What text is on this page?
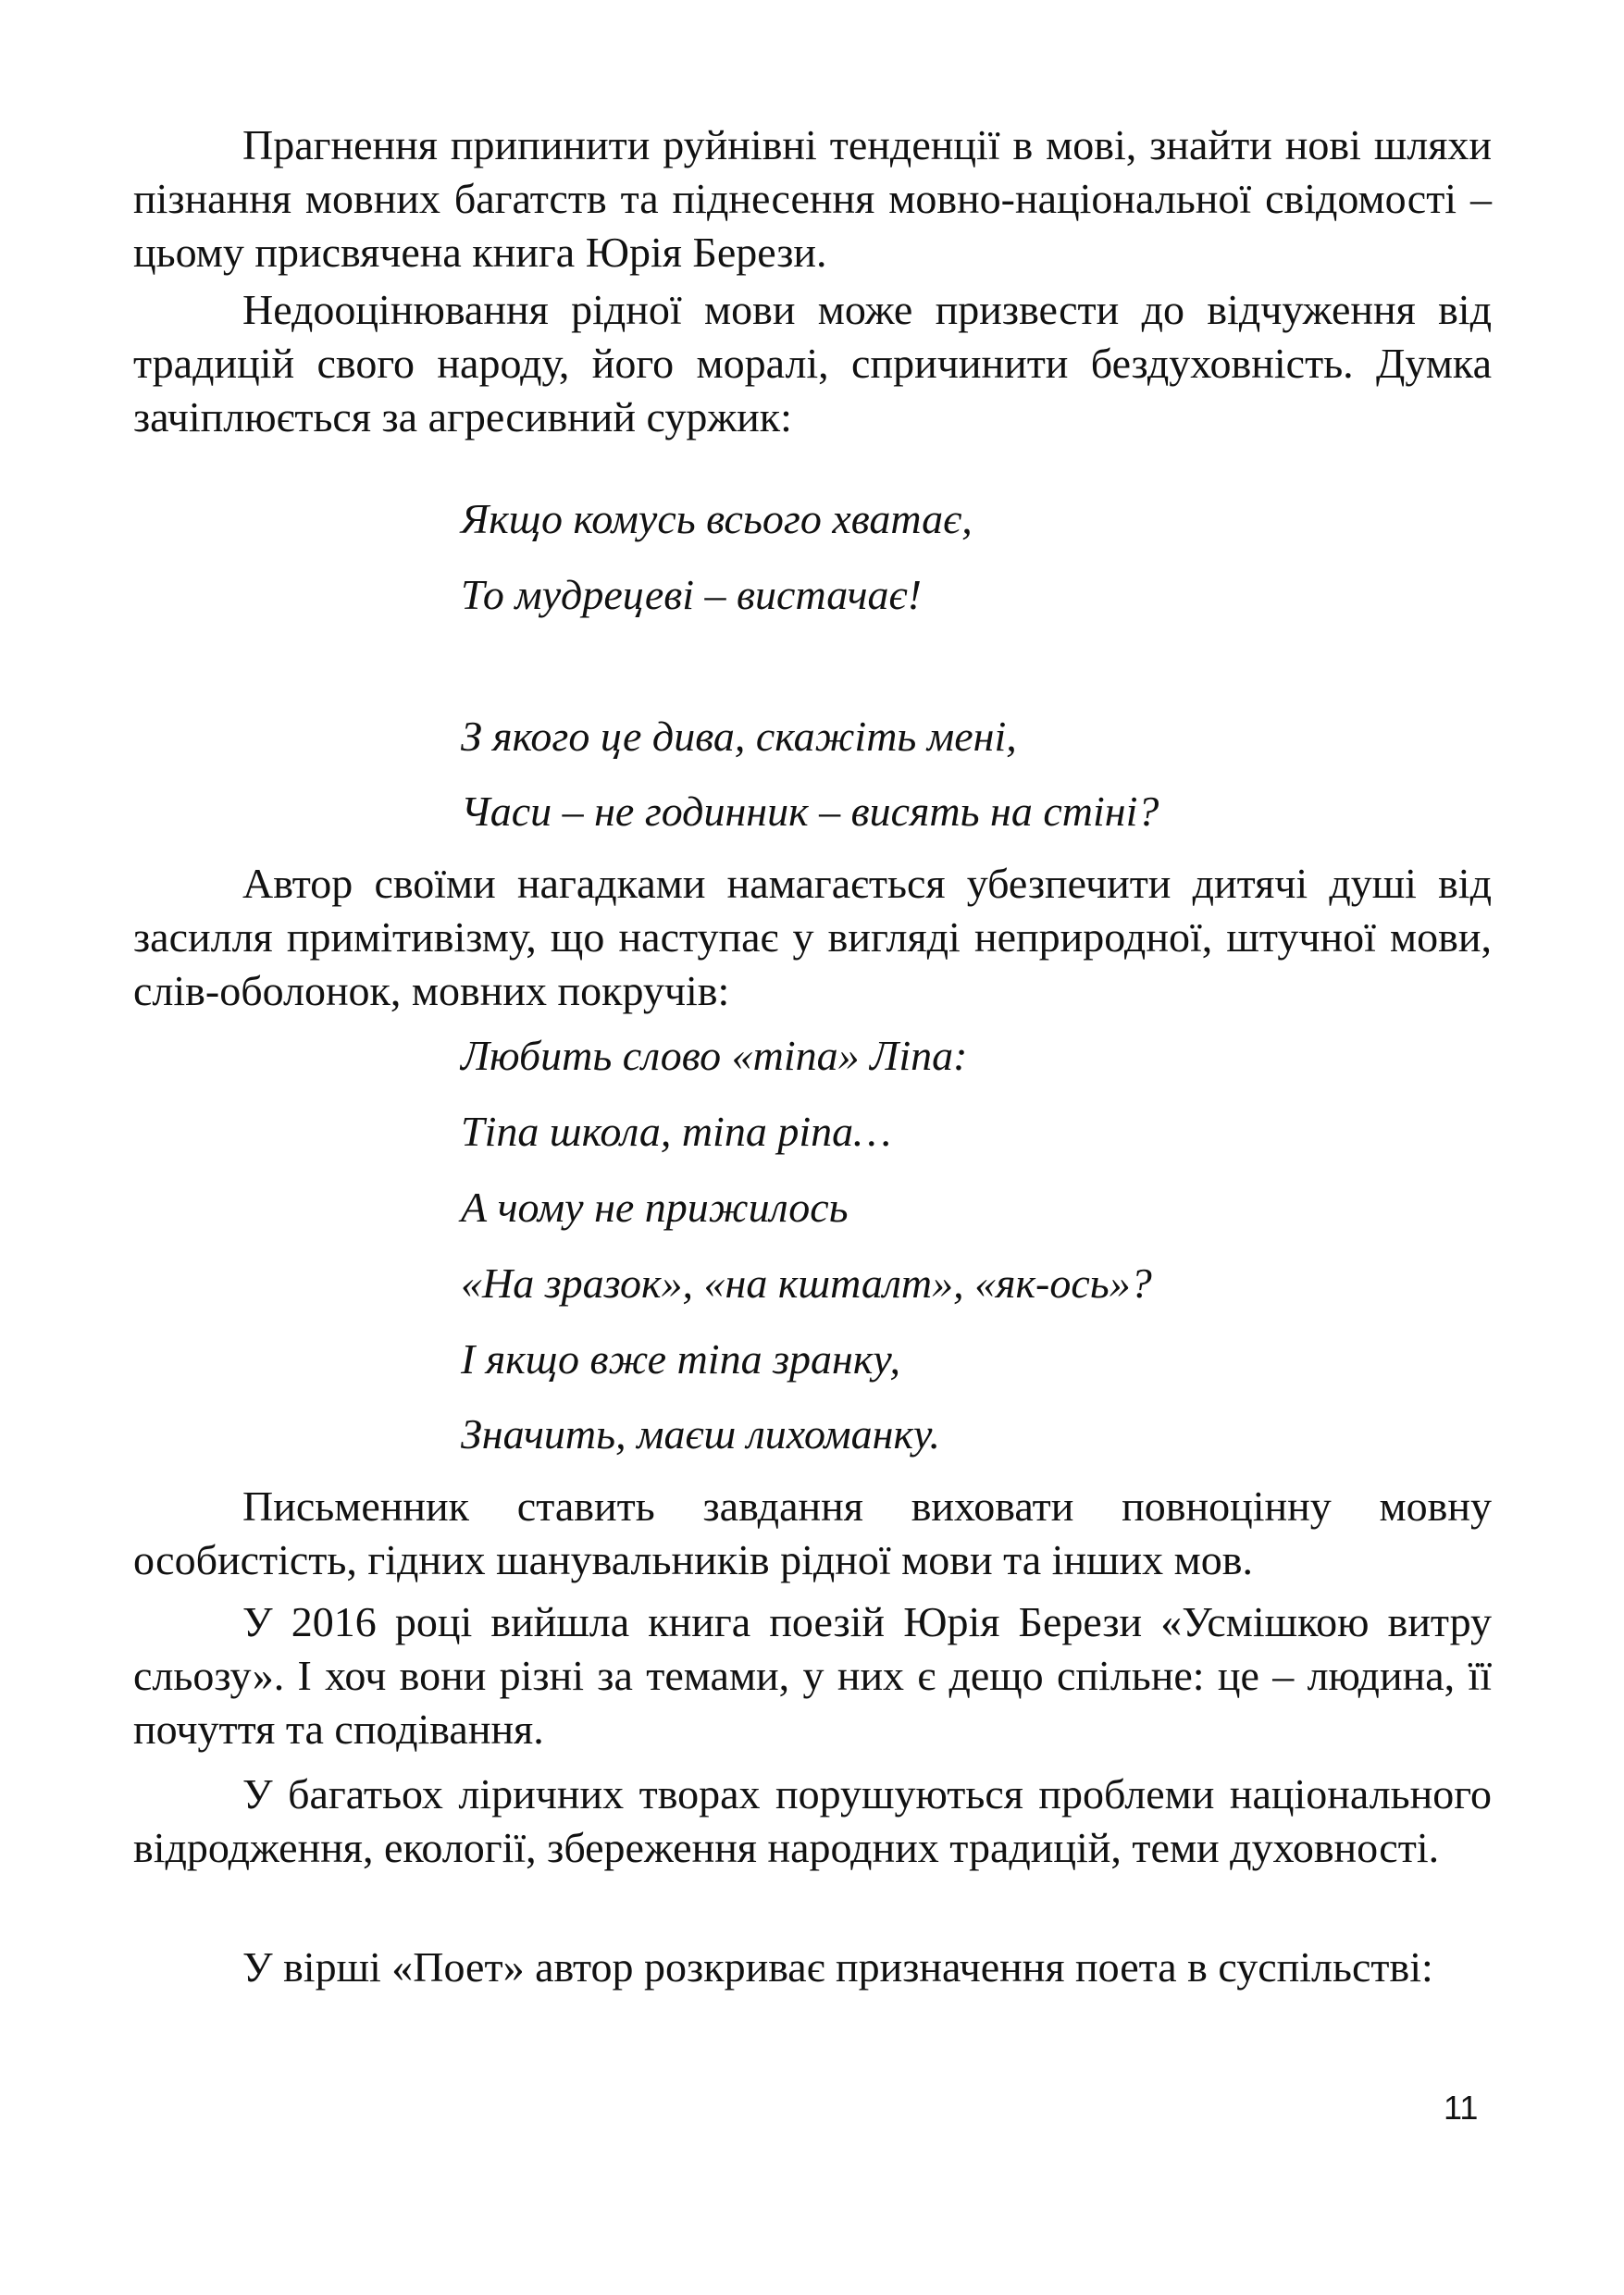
Прагнення припинити руйнівні тенденції в мові, знайти нові шляхи пізнання мовних багатств та піднесення мовно-національної свідомості – цьому присвячена книга Юрія Берези.

Недооцінювання рідної мови може призвести до відчуження від традицій свого народу, його моралі, спричинити бездуховність. Думка зачіплюється за агресивний суржик:

Якщо комусь всього хватає,

То мудрецеві – вистачає!

З якого це дива, скажіть мені,

Часи – не годинник – висять на стіні?

Автор своїми нагадками намагається убезпечити дитячі душі від засилля примітивізму, що наступає у вигляді неприродної, штучної мови, слів-оболонок, мовних покручів:

Любить слово «тіпа» Ліпа:

Тіпа школа, тіпа ріпа…

А чому не прижилось

«На зразок», «на кшталт», «як-ось»?

І якщо вже тіпа зранку,

Значить, маєш лихоманку.

Письменник ставить завдання виховати повноцінну мовну особистість, гідних шанувальників рідної мови та інших мов.

У 2016 році вийшла книга поезій Юрія Берези «Усмішкою витру сльозу». І хоч вони різні за темами, у них є дещо спільне: це – людина, її почуття та сподівання.

У багатьох ліричних творах порушуються проблеми національного відродження, екології, збереження народних традицій, теми духовності.

У вірші «Поет» автор розкриває призначення поета в суспільстві:

11
